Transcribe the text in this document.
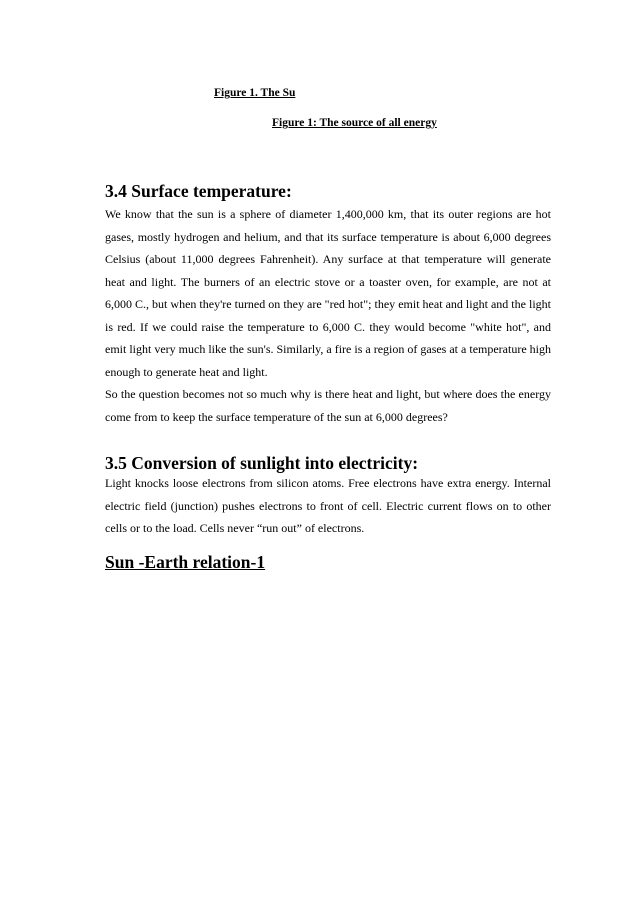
Figure 1. The Su
Figure 1: The source of all energy
3.4 Surface temperature:

We know that the sun is a sphere of diameter 1,400,000 km, that its outer regions are hot gases, mostly hydrogen and helium, and that its surface temperature is about 6,000 degrees Celsius (about 11,000 degrees Fahrenheit). Any surface at that temperature will generate heat and light. The burners of an electric stove or a toaster oven, for example, are not at 6,000 C., but when they're turned on they are "red hot"; they emit heat and light and the light is red. If we could raise the temperature to 6,000 C. they would become "white hot", and emit light very much like the sun's. Similarly, a fire is a region of gases at a temperature high enough to generate heat and light.

So the question becomes not so much why is there heat and light, but where does the energy come from to keep the surface temperature of the sun at 6,000 degrees?

3.5 Conversion of sunlight into electricity:

Light knocks loose electrons from silicon atoms. Free electrons have extra energy. Internal electric field (junction) pushes electrons to front of cell. Electric current flows on to other cells or to the load. Cells never “run out” of electrons.

Sun -Earth relation-1
